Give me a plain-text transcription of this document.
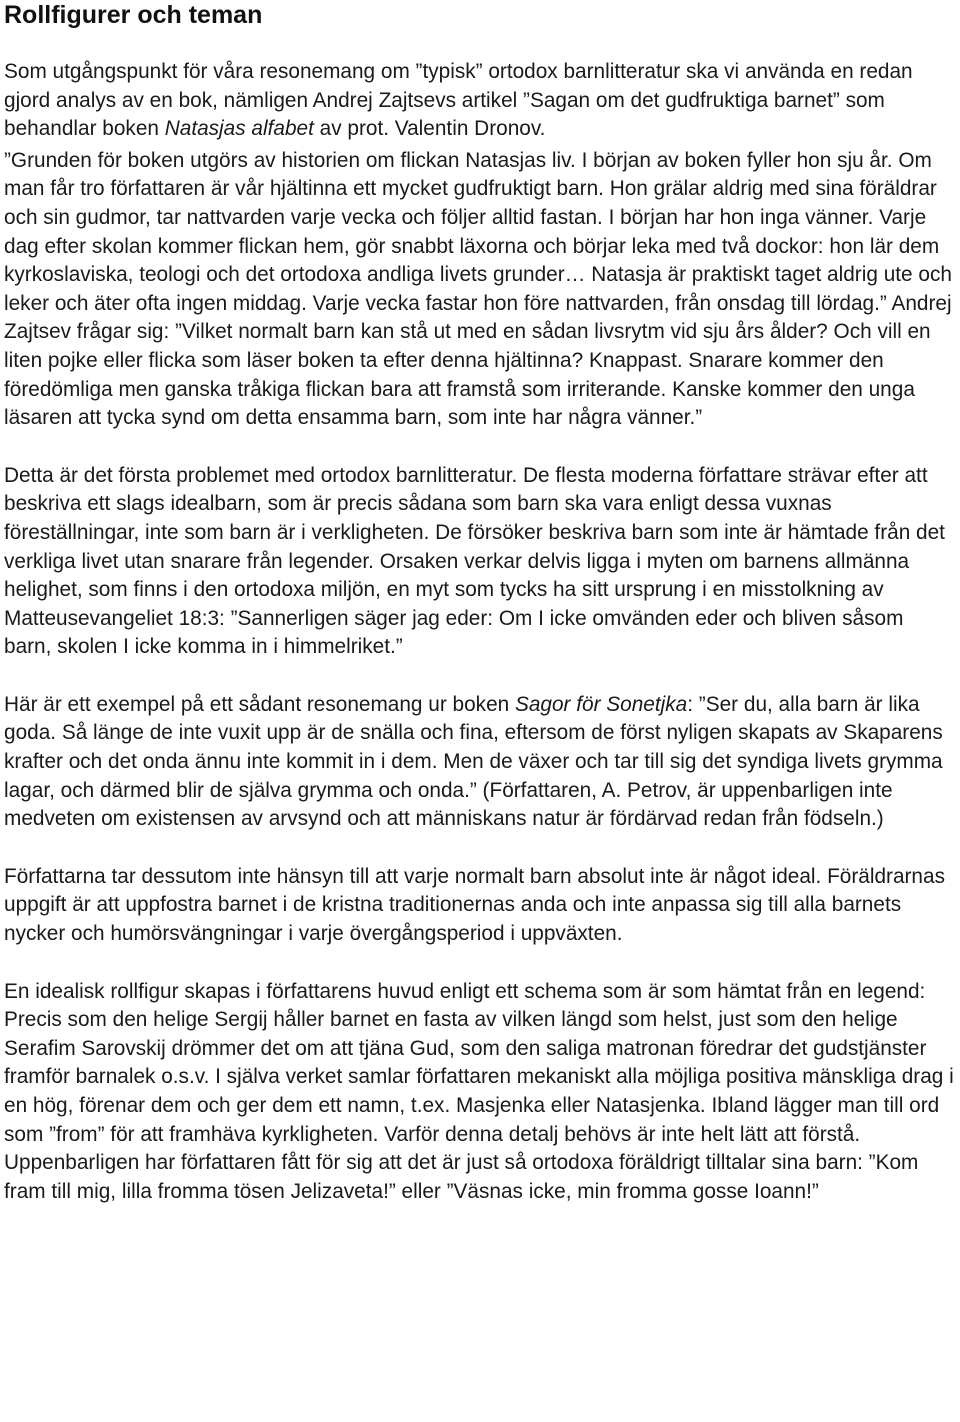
Rollfigurer och teman

Som utgångspunkt för våra resonemang om ”typisk” ortodox barnlitteratur ska vi använda en redan gjord analys av en bok, nämligen Andrej Zajtsevs artikel ”Sagan om det gudfruktiga barnet” som behandlar boken Natasjas alfabet av prot. Valentin Dronov.

”Grunden för boken utgörs av historien om flickan Natasjas liv. I början av boken fyller hon sju år. Om man får tro författaren är vår hjältinna ett mycket gudfruktigt barn. Hon grälar aldrig med sina föräldrar och sin gudmor, tar nattvarden varje vecka och följer alltid fastan. I början har hon inga vänner. Varje dag efter skolan kommer flickan hem, gör snabbt läxorna och börjar leka med två dockor: hon lär dem kyrkoslaviska, teologi och det ortodoxa andliga livets grunder… Natasja är praktiskt taget aldrig ute och leker och äter ofta ingen middag. Varje vecka fastar hon före nattvarden, från onsdag till lördag.” Andrej Zajtsev frågar sig: ”Vilket normalt barn kan stå ut med en sådan livsrytm vid sju års ålder? Och vill en liten pojke eller flicka som läser boken ta efter denna hjältinna? Knappast. Snarare kommer den föredömliga men ganska tråkiga flickan bara att framstå som irriterande. Kanske kommer den unga läsaren att tycka synd om detta ensamma barn, som inte har några vänner.”

Detta är det första problemet med ortodox barnlitteratur. De flesta moderna författare strävar efter att beskriva ett slags idealbarn, som är precis sådana som barn ska vara enligt dessa vuxnas föreställningar, inte som barn är i verkligheten. De försöker beskriva barn som inte är hämtade från det verkliga livet utan snarare från legender. Orsaken verkar delvis ligga i myten om barnens allmänna helighet, som finns i den ortodoxa miljön, en myt som tycks ha sitt ursprung i en misstolkning av Matteusevangeliet 18:3: ”Sannerligen säger jag eder: Om I icke omvänden eder och bliven såsom barn, skolen I icke komma in i himmelriket.”

Här är ett exempel på ett sådant resonemang ur boken Sagor för Sonetjka: ”Ser du, alla barn är lika goda. Så länge de inte vuxit upp är de snälla och fina, eftersom de först nyligen skapats av Skaparens krafter och det onda ännu inte kommit in i dem. Men de växer och tar till sig det syndiga livets grymma lagar, och därmed blir de själva grymma och onda.” (Författaren, A. Petrov, är uppenbarligen inte medveten om existensen av arvsynd och att människans natur är fördärvad redan från födseln.)

Författarna tar dessutom inte hänsyn till att varje normalt barn absolut inte är något ideal. Föräldrarnas uppgift är att uppfostra barnet i de kristna traditionernas anda och inte anpassa sig till alla barnets nycker och humörsvängningar i varje övergångsperiod i uppväxten.

En idealisk rollfigur skapas i författarens huvud enligt ett schema som är som hämtat från en legend: Precis som den helige Sergij håller barnet en fasta av vilken längd som helst, just som den helige Serafim Sarovskij drömmer det om att tjäna Gud, som den saliga matronan föredrar det gudstjänster framför barnalek o.s.v. I själva verket samlar författaren mekaniskt alla möjliga positiva mänskliga drag i en hög, förenar dem och ger dem ett namn, t.ex. Masjenka eller Natasjenka. Ibland lägger man till ord som ”from” för att framhäva kyrkligheten. Varför denna detalj behövs är inte helt lätt att förstå. Uppenbarligen har författaren fått för sig att det är just så ortodoxa föräldrigt tilltalar sina barn: ”Kom fram till mig, lilla fromma tösen Jelizaveta!” eller ”Väsnas icke, min fromma gosse Ioann!”
